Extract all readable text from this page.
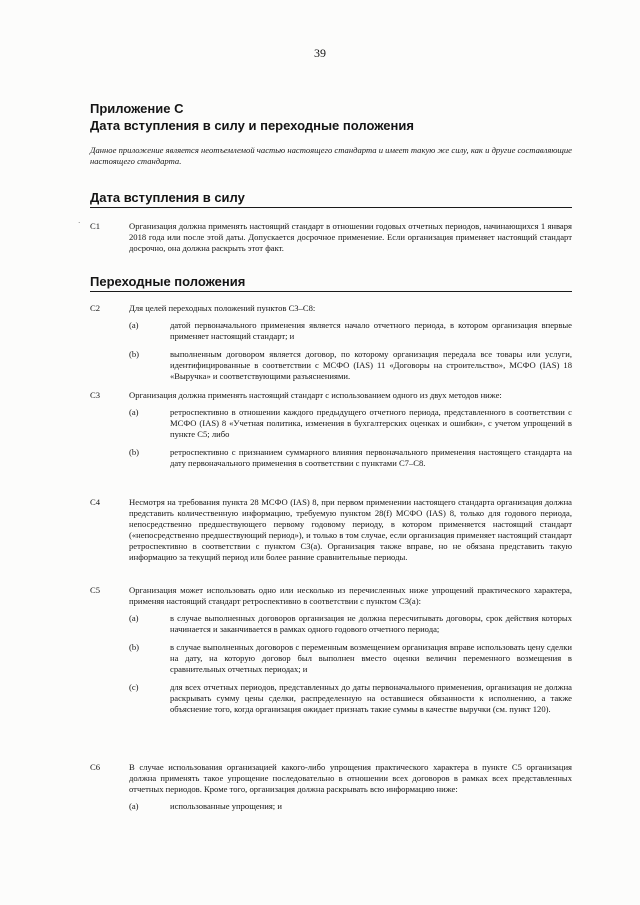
39
Приложение С
Дата вступления в силу и переходные положения
Данное приложение является неотъемлемой частью настоящего стандарта и имеет такую же силу, как и другие составляющие настоящего стандарта.
Дата вступления в силу
· C1	Организация должна применять настоящий стандарт в отношении годовых отчетных периодов, начинающихся 1 января 2018 года или после этой даты. Допускается досрочное применение. Если организация применяет настоящий стандарт досрочно, она должна раскрыть этот факт.

Переходные положения
C2	Для целей переходных положений пунктов С3–С8:

(a)	датой первоначального применения является начало отчетного периода, в котором организация впервые применяет настоящий стандарт; и
(b)	выполненным договором является договор, по которому организация передала все товары или услуги, идентифицированные в соответствии с МСФО (IAS) 11 «Договоры на строительство», МСФО (IAS) 18 «Выручка» и соответствующими разъяснениями.
C3	Организация должна применять настоящий стандарт с использованием одного из двух методов ниже:

(a)	ретроспективно в отношении каждого предыдущего отчетного периода, представленного в соответствии с МСФО (IAS) 8 «Учетная политика, изменения в бухгалтерских оценках и ошибки», с учетом упрощений в пункте С5; либо
(b)	ретроспективно с признанием суммарного влияния первоначального применения настоящего стандарта на дату первоначального применения в соответствии с пунктами С7–С8.
C4	Несмотря на требования пункта 28 МСФО (IAS) 8, при первом применении настоящего стандарта организация должна представить количественную информацию, требуемую пунктом 28(f) МСФО (IAS) 8, только для годового периода, непосредственно предшествующего первому годовому периоду, в котором применяется настоящий стандарт («непосредственно предшествующий период»), и только в том случае, если организация применяет настоящий стандарт ретроспективно в соответствии с пунктом С3(a). Организация также вправе, но не обязана представить такую информацию за текущий период или более ранние сравнительные периоды.

C5	Организация может использовать одно или несколько из перечисленных ниже упрощений практического характера, применяя настоящий стандарт ретроспективно в соответствии с пунктом С3(a):

(a)	в случае выполненных договоров организация не должна пересчитывать договоры, срок действия которых начинается и заканчивается в рамках одного годового отчетного периода;
(b)	в случае выполненных договоров с переменным возмещением организация вправе использовать цену сделки на дату, на которую договор был выполнен вместо оценки величин переменного возмещения в сравнительных отчетных периодах; и
(c)	для всех отчетных периодов, представленных до даты первоначального применения, организация не должна раскрывать сумму цены сделки, распределенную на оставшиеся обязанности к исполнению, а также объяснение того, когда организация ожидает признать такие суммы в качестве выручки (см. пункт 120).
C6	В случае использования организацией какого-либо упрощения практического характера в пункте С5 организация должна применять такое упрощение последовательно в отношении всех договоров в рамках всех представленных отчетных периодов. Кроме того, организация должна раскрывать всю информацию ниже:

(a)	использованные упрощения; и
